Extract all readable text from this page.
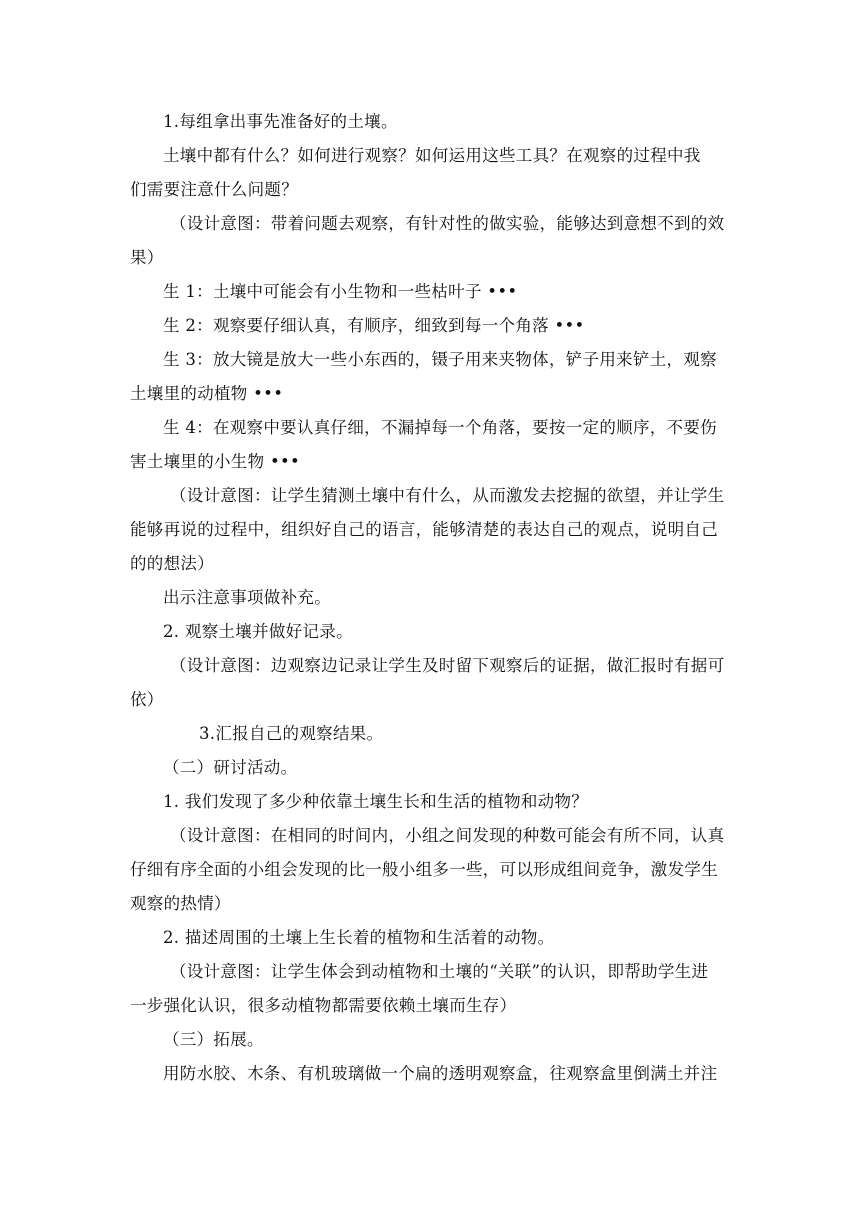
1.每组拿出事先准备好的土壤。
土壤中都有什么？如何进行观察？如何运用这些工具？在观察的过程中我
们需要注意什么问题？
（设计意图：带着问题去观察，有针对性的做实验，能够达到意想不到的效
果）
生 1：土壤中可能会有小生物和一些枯叶子 •••
生 2：观察要仔细认真，有顺序，细致到每一个角落 •••
生 3：放大镜是放大一些小东西的，镊子用来夹物体，铲子用来铲土，观察
土壤里的动植物 •••
生 4：在观察中要认真仔细，不漏掉每一个角落，要按一定的顺序，不要伤
害土壤里的小生物 •••
（设计意图：让学生猜测土壤中有什么，从而激发去挖掘的欲望，并让学生
能够再说的过程中，组织好自己的语言，能够清楚的表达自己的观点，说明自己
的的想法）
出示注意事项做补充。
2. 观察土壤并做好记录。
（设计意图：边观察边记录让学生及时留下观察后的证据，做汇报时有据可
依）
3.汇报自己的观察结果。
（二）研讨活动。
1. 我们发现了多少种依靠土壤生长和生活的植物和动物？
（设计意图：在相同的时间内，小组之间发现的种数可能会有所不同，认真
仔细有序全面的小组会发现的比一般小组多一些，可以形成组间竞争，激发学生
观察的热情）
2. 描述周围的土壤上生长着的植物和生活着的动物。
（设计意图：让学生体会到动植物和土壤的“关联”的认识，即帮助学生进
一步强化认识，很多动植物都需要依赖土壤而生存）
（三）拓展。
用防水胶、木条、有机玻璃做一个扁的透明观察盒，往观察盒里倒满土并注
